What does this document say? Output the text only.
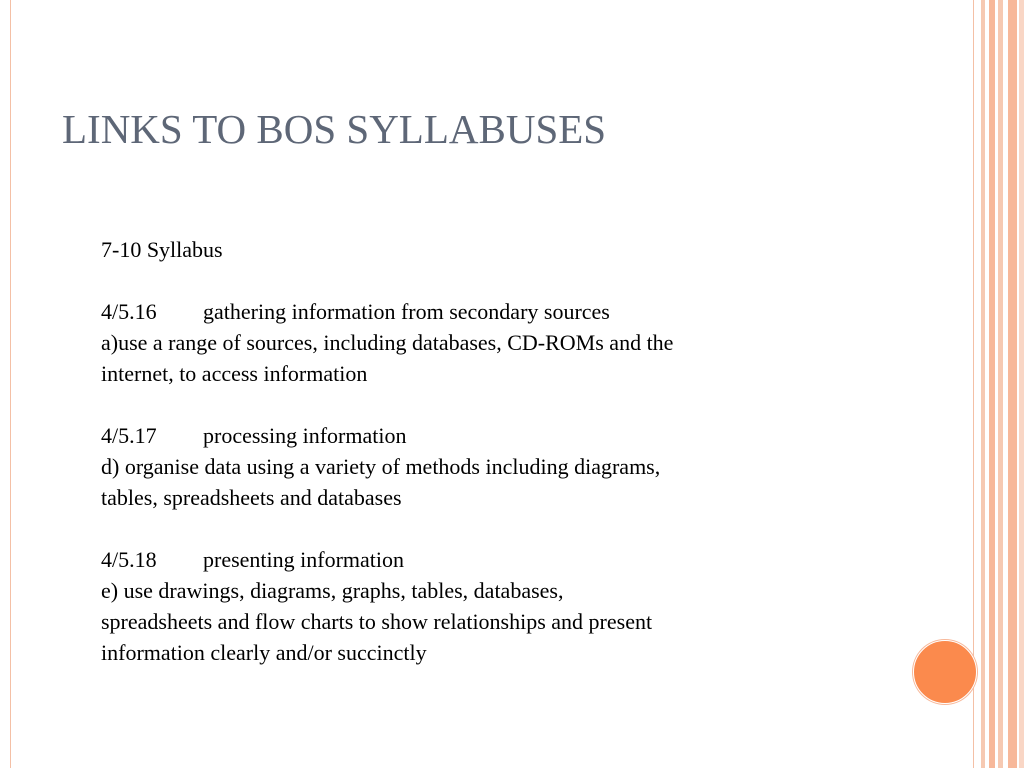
LINKS TO BOS SYLLABUSES

7-10 Syllabus

4/5.16 gathering information from secondary sources

a)use a range of sources, including databases, CD-ROMs and the

internet, to access information

4/5.17 processing information

d) organise data using a variety of methods including diagrams,

tables, spreadsheets and databases

4/5.18 presenting information

e) use drawings, diagrams, graphs, tables, databases,

spreadsheets and flow charts to show relationships and present

information clearly and/or succinctly
